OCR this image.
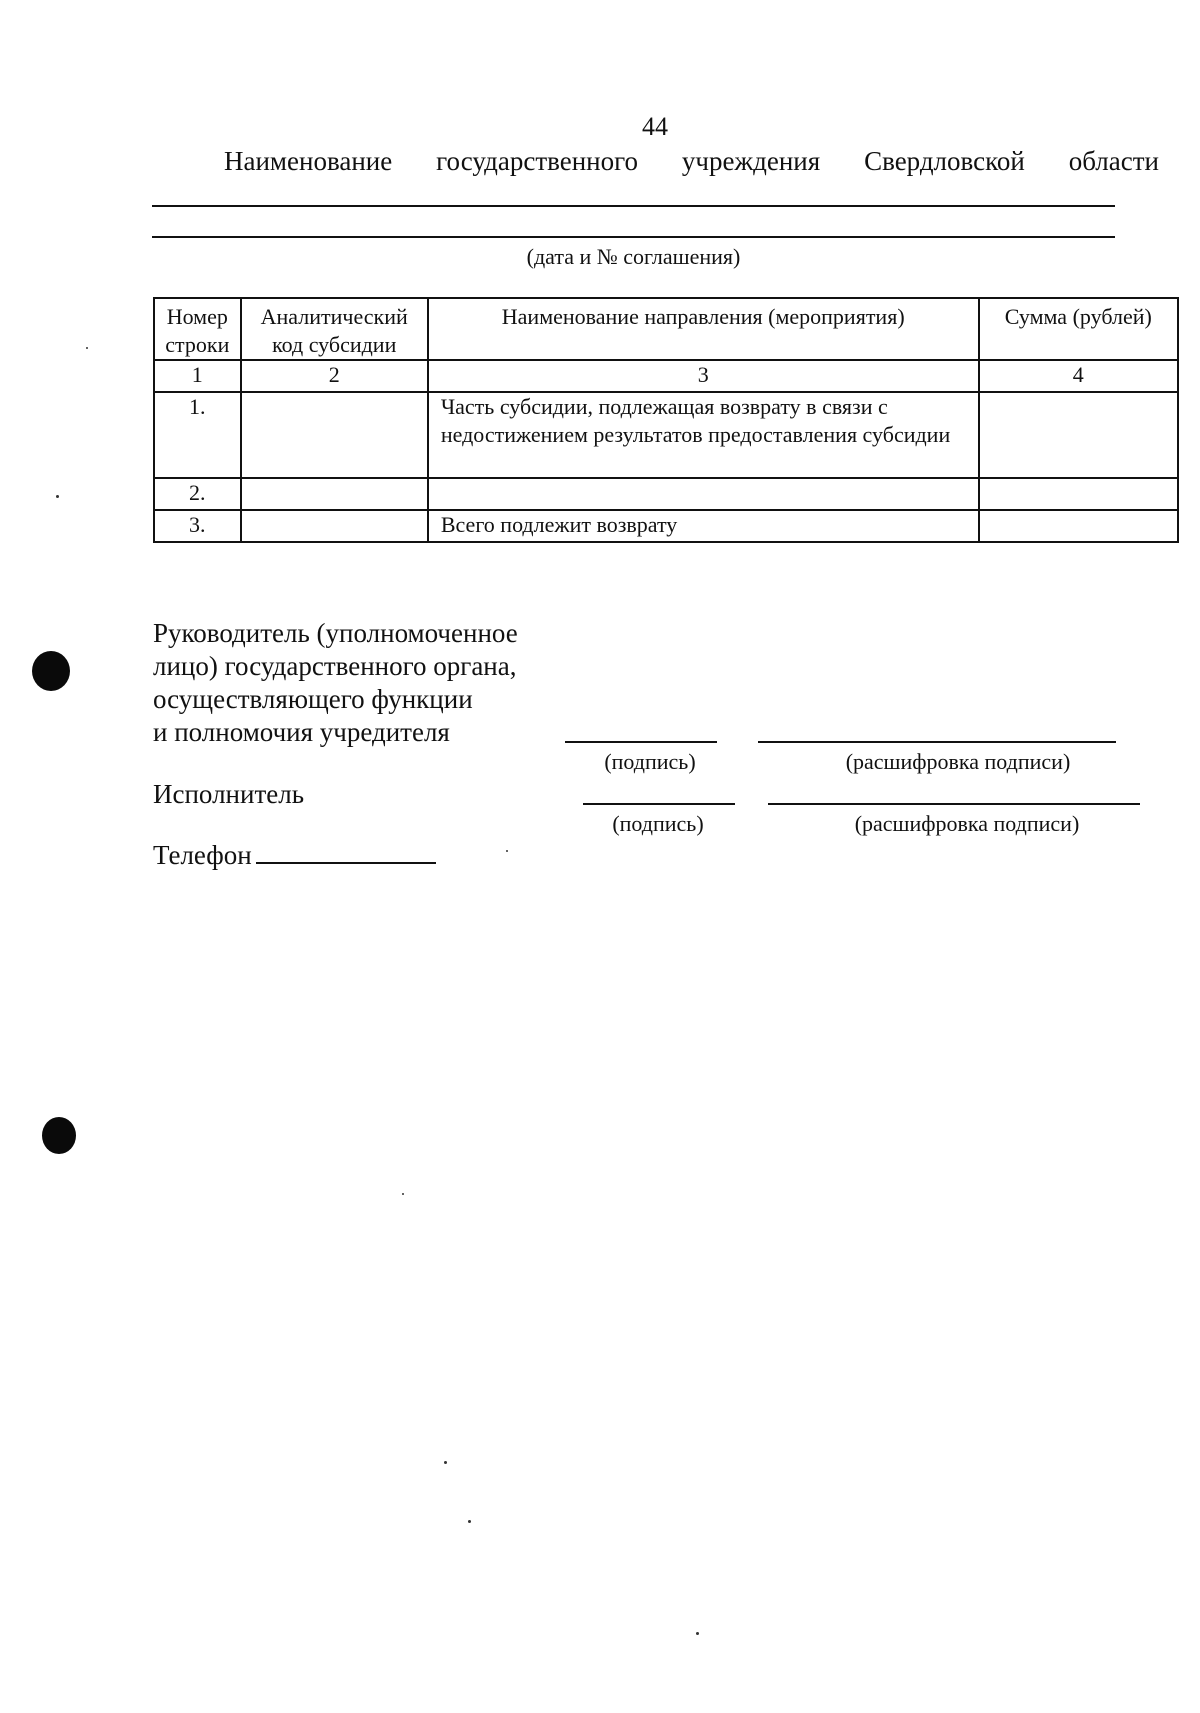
44
Наименование государственного учреждения Свердловской области
(дата и № соглашения)
Номер строки	Аналитический код субсидии	Наименование направления (мероприятия)	Сумма (рублей)
1	2	3	4
1.		Часть субсидии, подлежащая возврату в связи с недостижением результатов предоставления субсидии	
2.			
3.		Всего подлежит возврату	
Руководитель (уполномоченное
лицо) государственного органа,
осуществляющего функции
и полномочия учредителя
(подпись)	(расшифровка подписи)
Исполнитель
(подпись)	(расшифровка подписи)
Телефон
